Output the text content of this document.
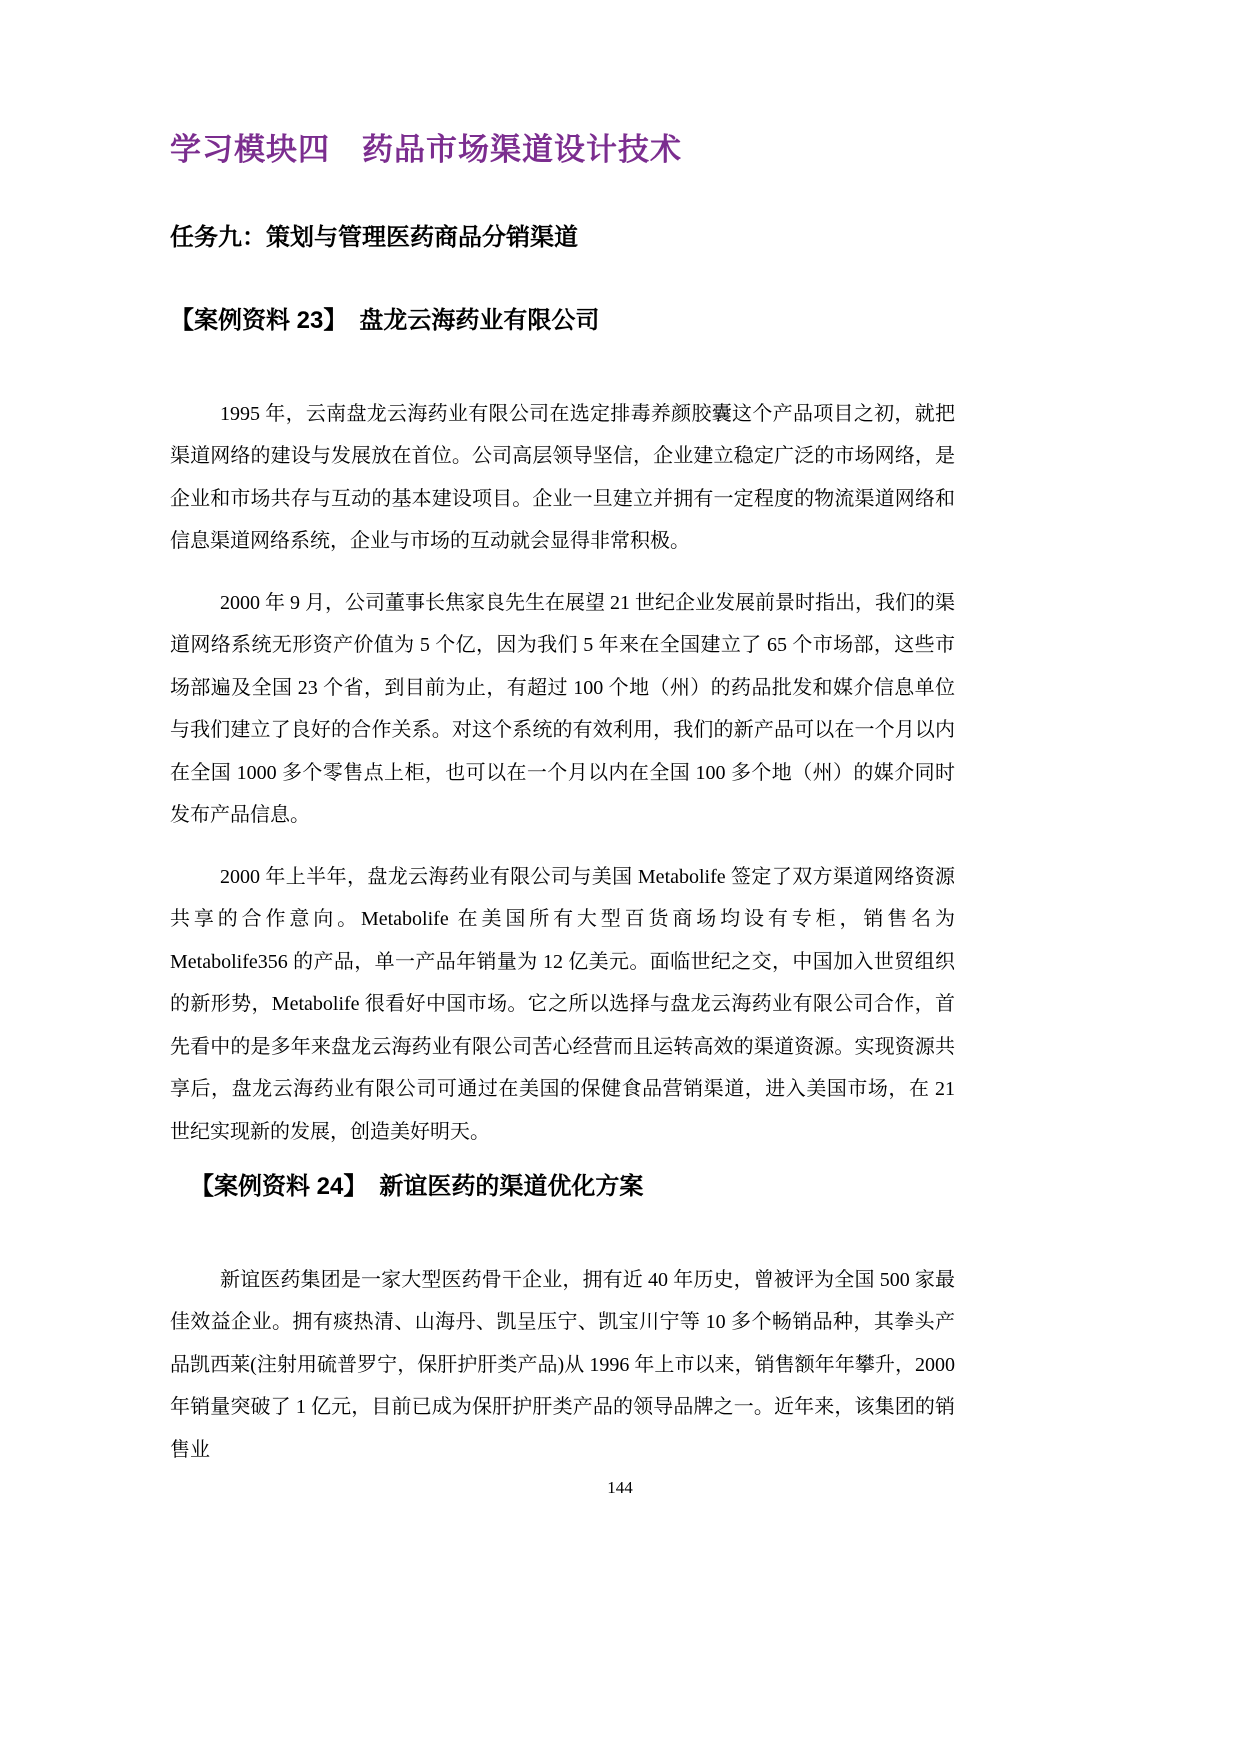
学习模块四　药品市场渠道设计技术
任务九：策划与管理医药商品分销渠道
【案例资料 23】　盘龙云海药业有限公司

1995 年，云南盘龙云海药业有限公司在选定排毒养颜胶囊这个产品项目之初，就把渠道网络的建设与发展放在首位。公司高层领导坚信，企业建立稳定广泛的市场网络，是企业和市场共存与互动的基本建设项目。企业一旦建立并拥有一定程度的物流渠道网络和信息渠道网络系统，企业与市场的互动就会显得非常积极。

2000 年 9 月，公司董事长焦家良先生在展望 21 世纪企业发展前景时指出，我们的渠道网络系统无形资产价值为 5 个亿，因为我们 5 年来在全国建立了 65 个市场部，这些市场部遍及全国 23 个省，到目前为止，有超过 100 个地（州）的药品批发和媒介信息单位与我们建立了良好的合作关系。对这个系统的有效利用，我们的新产品可以在一个月以内在全国 1000 多个零售点上柜，也可以在一个月以内在全国 100 多个地（州）的媒介同时发布产品信息。

2000 年上半年，盘龙云海药业有限公司与美国 Metabolife 签定了双方渠道网络资源共享的合作意向。Metabolife 在美国所有大型百货商场均设有专柜，销售名为 Metabolife356 的产品，单一产品年销量为 12 亿美元。面临世纪之交，中国加入世贸组织的新形势，Metabolife 很看好中国市场。它之所以选择与盘龙云海药业有限公司合作，首先看中的是多年来盘龙云海药业有限公司苦心经营而且运转高效的渠道资源。实现资源共享后，盘龙云海药业有限公司可通过在美国的保健食品营销渠道，进入美国市场，在 21 世纪实现新的发展，创造美好明天。

【案例资料 24】　新谊医药的渠道优化方案

新谊医药集团是一家大型医药骨干企业，拥有近 40 年历史，曾被评为全国 500 家最佳效益企业。拥有痰热清、山海丹、凯呈压宁、凯宝川宁等 10 多个畅销品种，其拳头产品凯西莱(注射用硫普罗宁，保肝护肝类产品)从 1996 年上市以来，销售额年年攀升，2000 年销量突破了 1 亿元，目前已成为保肝护肝类产品的领导品牌之一。近年来，该集团的销售业

144
